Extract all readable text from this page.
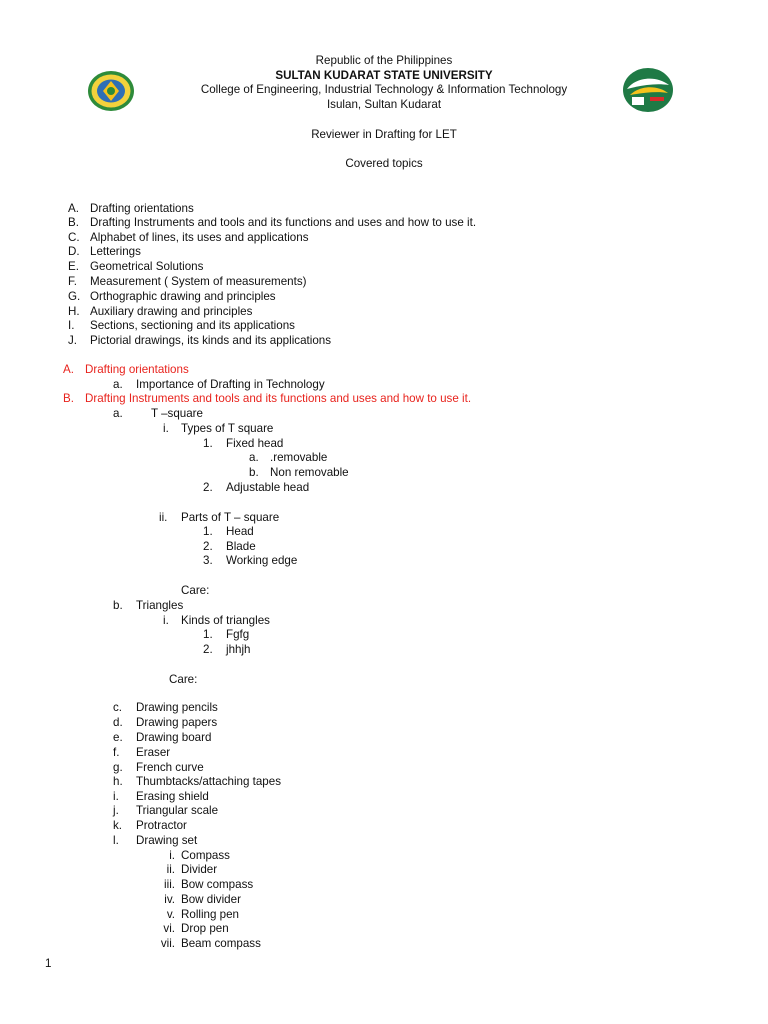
Republic of the Philippines
SULTAN KUDARAT STATE UNIVERSITY
College of Engineering, Industrial Technology & Information Technology
Isulan, Sultan Kudarat
Reviewer in Drafting for LET
Covered topics
A. Drafting orientations
B. Drafting Instruments and tools and its functions and uses and how to use it.
C. Alphabet of lines, its uses and applications
D. Letterings
E. Geometrical Solutions
F. Measurement ( System of measurements)
G. Orthographic drawing and principles
H. Auxiliary drawing and principles
I. Sections, sectioning and its applications
J. Pictorial drawings, its kinds and its applications
A. Drafting orientations
a. Importance of Drafting in Technology
B. Drafting Instruments and tools and its functions and uses and how to use it.
a. T –square
i. Types of T square
1. Fixed head
a. .removable
b. Non removable
2. Adjustable head
ii. Parts of T – square
1. Head
2. Blade
3. Working edge
Care:
b. Triangles
i. Kinds of triangles
1. Fgfg
2. jhhjh
Care:
c. Drawing pencils
d. Drawing papers
e. Drawing board
f. Eraser
g. French curve
h. Thumbtacks/attaching tapes
i. Erasing shield
j. Triangular scale
k. Protractor
l. Drawing set
i. Compass
ii. Divider
iii. Bow compass
iv. Bow divider
v. Rolling pen
vi. Drop pen
vii. Beam compass
1
